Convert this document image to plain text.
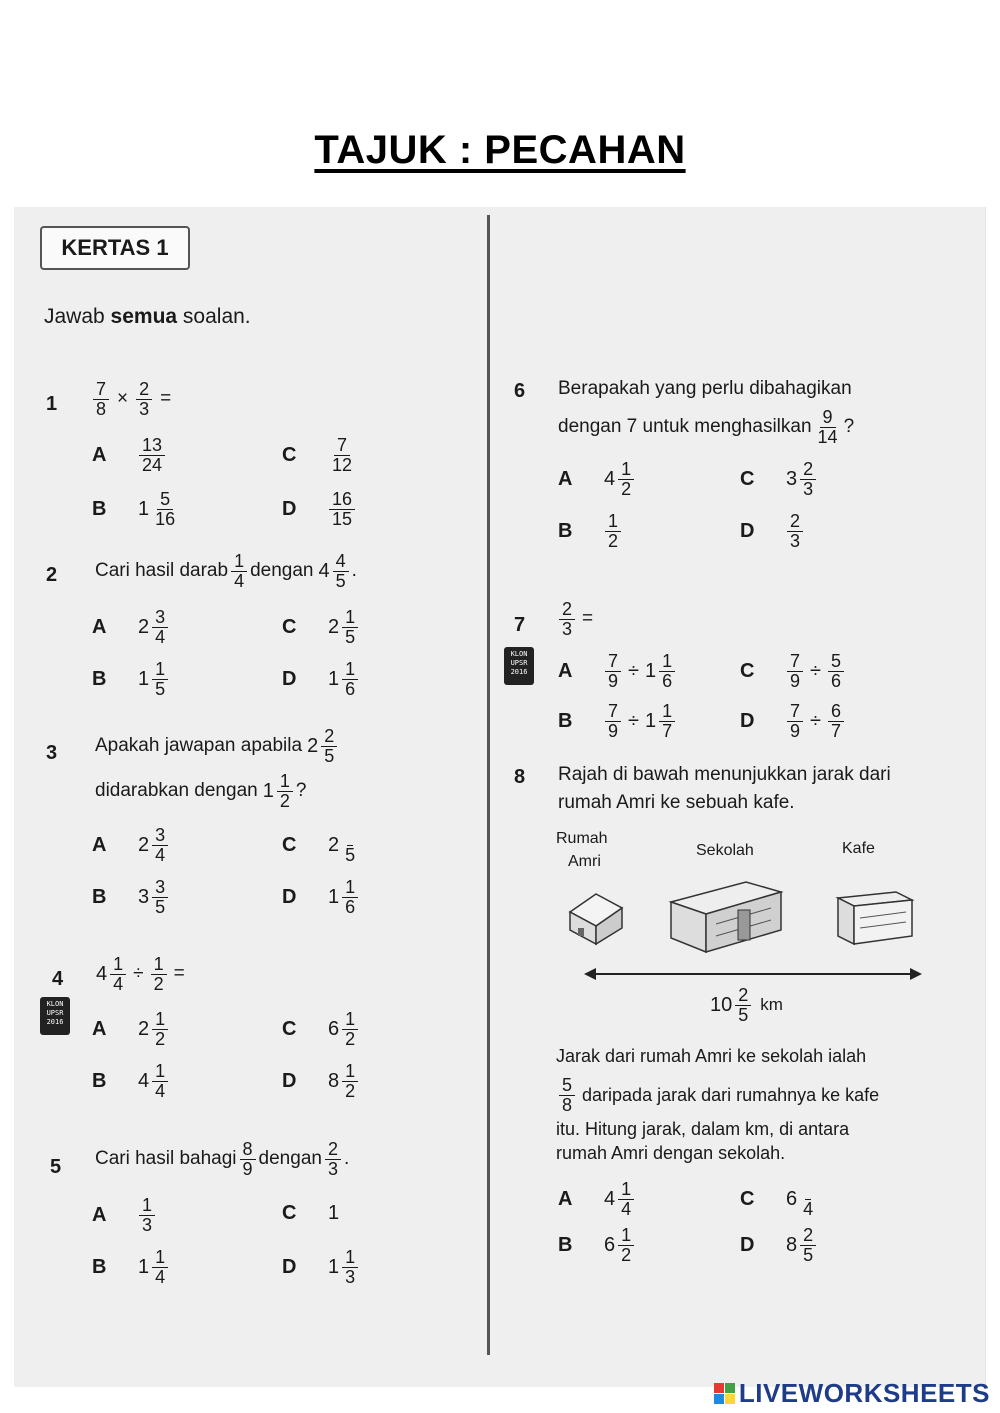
TAJUK : PECAHAN
KERTAS 1
Jawab semua soalan.
$1 \frac{7}{8} \times \frac{2}{3}$ =
A	$\frac{13}{24}$	C	$\frac{7}{12}$
B	$1 \frac{5}{16}$	D	$\frac{16}{15}$
2 Cari hasil darab $\frac{1}{4}$ dengan $4 \frac{4}{5}$ .
A	$2 \frac{3}{4}$	C	$2 \frac{1}{5}$
B	$1 \frac{1}{5}$	D	$1 \frac{1}{6}$
3 Apakah jawapan apabila $2 \frac{2}{5}$
didarabkan dengan $1 \frac{1}{2}$ ?
A	$2 \frac{3}{4}$	C	2 5
B	$3 \frac{3}{5}$	D	$1 \frac{1}{6}$
4 $4 \frac{1}{4} \div \frac{1}{2}$ =
KLON UPSR 2016	A	$2 \frac{1}{2}$	C	$6 \frac{1}{2}$
B	$4 \frac{1}{4}$	D	$8 \frac{1}{2}$
5 Cari hasil bahagi $\frac{8}{9}$ dengan $\frac{2}{3}$ .
A	$\frac{1}{3}$	C	1
B	$1 \frac{1}{4}$	D	$1 \frac{1}{3}$
6 Berapakah yang perlu dibahagikan
dengan 7 untuk menghasilkan $\frac{9}{14}$ ?
A	$4 \frac{1}{2}$	C	$3 \frac{2}{3}$
B	$\frac{1}{2}$	D	$\frac{2}{3}$
$7 \frac{2}{3}$ =
KLON UPSR 2016	A	$\frac{7}{9} \div 1 \frac{1}{6}$	C	$\frac{7}{9} \div \frac{5}{6}$
B	$\frac{7}{9} \div 1 \frac{1}{7}$	D	$\frac{7}{9} \div \frac{6}{7}$
8 Rajah di bawah menunjukkan jarak dari
rumah Amri ke sebuah kafe.
Rumah
Amri
Sekolah	Kafe
$10 \frac{2}{5}$ km
Jarak dari rumah Amri ke sekolah ialah
$\frac{5}{8}$ daripada jarak dari rumahnya ke kafe
itu. Hitung jarak, dalam km, di antara
rumah Amri dengan sekolah.
A	$4 \frac{1}{4}$	C	6 4
B	$6 \frac{1}{2}$	D	$8 \frac{2}{5}$
LIVEWORKSHEETS
